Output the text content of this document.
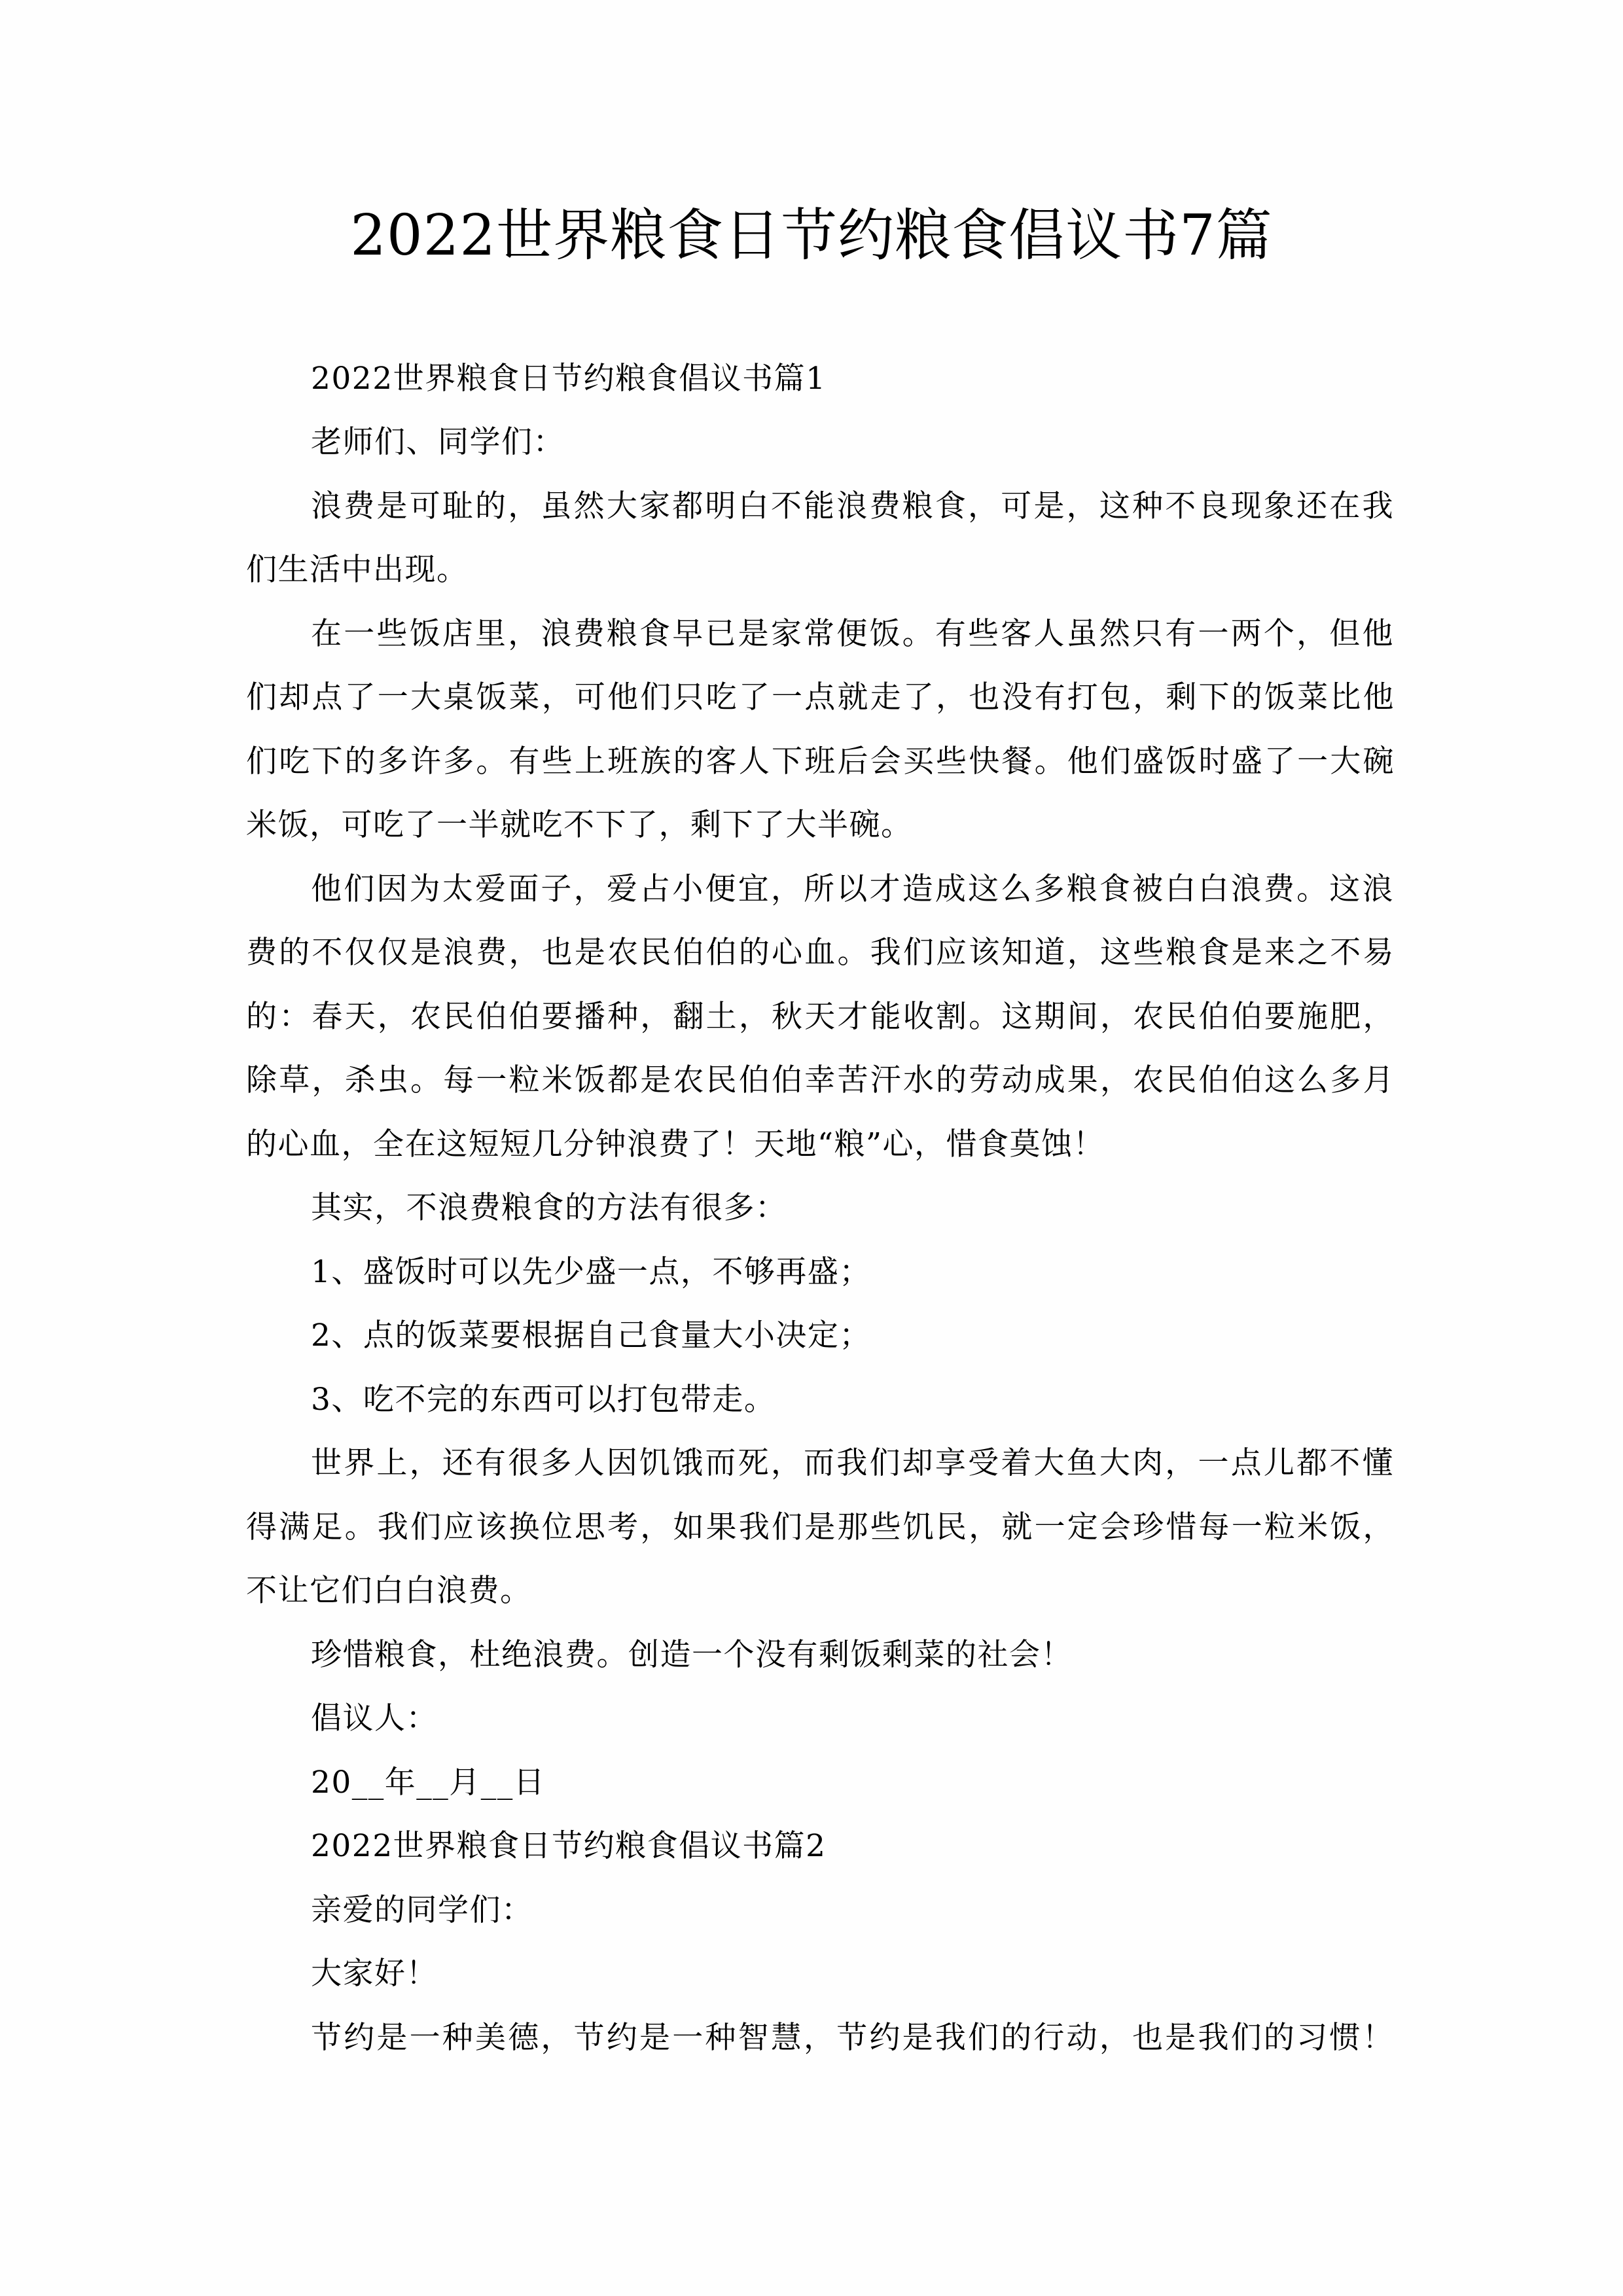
2022世界粮食日节约粮食倡议书7篇
2022世界粮食日节约粮食倡议书篇1
老师们、同学们：
浪费是可耻的，虽然大家都明白不能浪费粮食，可是，这种不良现象还在我
们生活中出现。
在一些饭店里，浪费粮食早已是家常便饭。有些客人虽然只有一两个，但他
们却点了一大桌饭菜，可他们只吃了一点就走了，也没有打包，剩下的饭菜比他
们吃下的多许多。有些上班族的客人下班后会买些快餐。他们盛饭时盛了一大碗
米饭，可吃了一半就吃不下了，剩下了大半碗。
他们因为太爱面子，爱占小便宜，所以才造成这么多粮食被白白浪费。这浪
费的不仅仅是浪费，也是农民伯伯的心血。我们应该知道，这些粮食是来之不易
的：春天，农民伯伯要播种，翻土，秋天才能收割。这期间，农民伯伯要施肥，
除草，杀虫。每一粒米饭都是农民伯伯幸苦汗水的劳动成果，农民伯伯这么多月
的心血，全在这短短几分钟浪费了！天地“粮”心，惜食莫蚀！
其实，不浪费粮食的方法有很多：
1、盛饭时可以先少盛一点，不够再盛；
2、点的饭菜要根据自己食量大小决定；
3、吃不完的东西可以打包带走。
世界上，还有很多人因饥饿而死，而我们却享受着大鱼大肉，一点儿都不懂
得满足。我们应该换位思考，如果我们是那些饥民，就一定会珍惜每一粒米饭，
不让它们白白浪费。
珍惜粮食，杜绝浪费。创造一个没有剩饭剩菜的社会！
倡议人：
20__年__月__日
2022世界粮食日节约粮食倡议书篇2
亲爱的同学们：
大家好！
节约是一种美德，节约是一种智慧，节约是我们的行动，也是我们的习惯！
